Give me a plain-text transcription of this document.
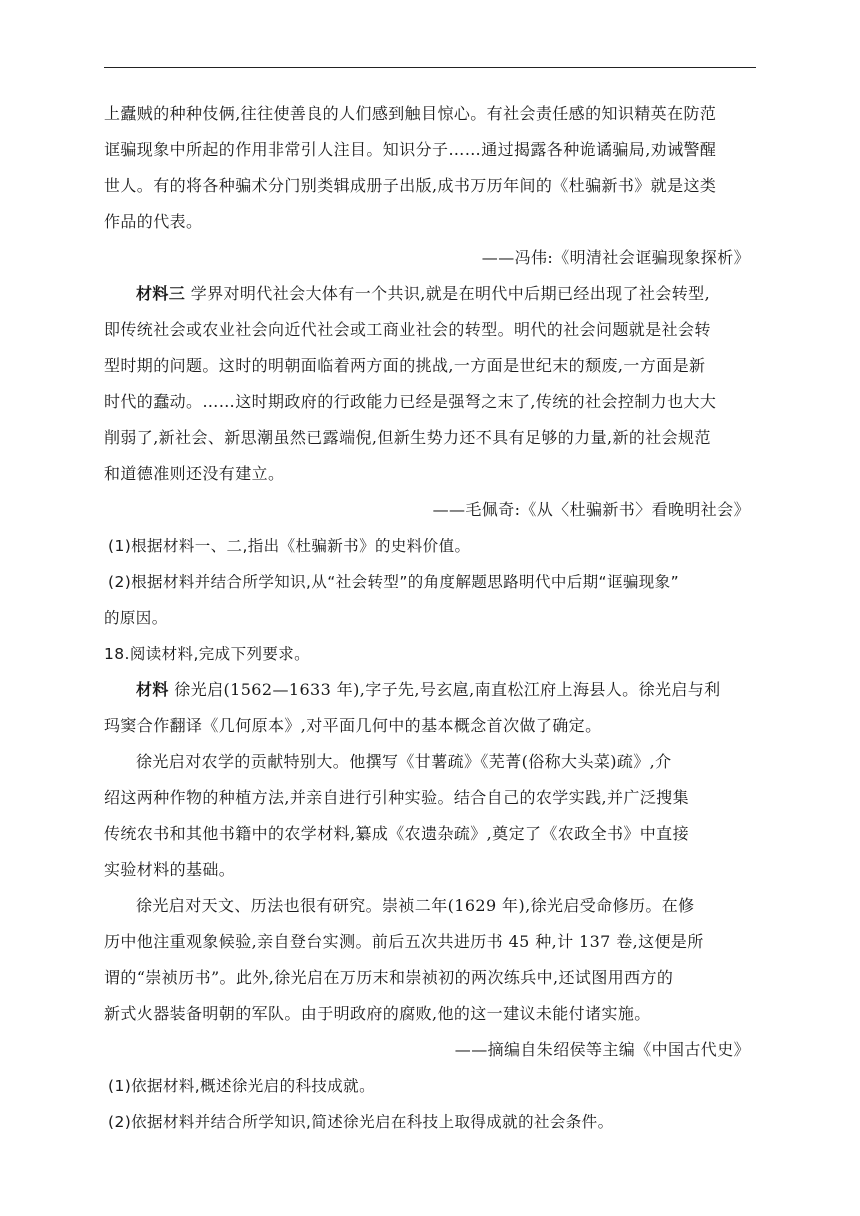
上蠹贼的种种伎俩,往往使善良的人们感到触目惊心。有社会责任感的知识精英在防范
诓骗现象中所起的作用非常引人注目。知识分子……通过揭露各种诡谲骗局,劝诫警醒
世人。有的将各种骗术分门别类辑成册子出版,成书万历年间的《杜骗新书》就是这类
作品的代表。
——冯伟:《明清社会诓骗现象探析》
材料三 学界对明代社会大体有一个共识,就是在明代中后期已经出现了社会转型,
即传统社会或农业社会向近代社会或工商业社会的转型。明代的社会问题就是社会转
型时期的问题。这时的明朝面临着两方面的挑战,一方面是世纪末的颓废,一方面是新
时代的蠢动。……这时期政府的行政能力已经是强弩之末了,传统的社会控制力也大大
削弱了,新社会、新思潮虽然已露端倪,但新生势力还不具有足够的力量,新的社会规范
和道德准则还没有建立。
——毛佩奇:《从〈杜骗新书〉看晚明社会》
(1)根据材料一、二,指出《杜骗新书》的史料价值。
(2)根据材料并结合所学知识,从“社会转型”的角度解题思路明代中后期“诓骗现象”
的原因。
18.阅读材料,完成下列要求。
材料 徐光启(1562—1633 年),字子先,号玄扈,南直松江府上海县人。徐光启与利
玛窦合作翻译《几何原本》,对平面几何中的基本概念首次做了确定。
徐光启对农学的贡献特别大。他撰写《甘薯疏》《芜菁(俗称大头菜)疏》,介
绍这两种作物的种植方法,并亲自进行引种实验。结合自己的农学实践,并广泛搜集
传统农书和其他书籍中的农学材料,纂成《农遗杂疏》,奠定了《农政全书》中直接
实验材料的基础。
徐光启对天文、历法也很有研究。崇祯二年(1629 年),徐光启受命修历。在修
历中他注重观象候验,亲自登台实测。前后五次共进历书 45 种,计 137 卷,这便是所
谓的“崇祯历书”。此外,徐光启在万历末和崇祯初的两次练兵中,还试图用西方的
新式火器装备明朝的军队。由于明政府的腐败,他的这一建议未能付诸实施。
——摘编自朱绍侯等主编《中国古代史》
(1)依据材料,概述徐光启的科技成就。
(2)依据材料并结合所学知识,简述徐光启在科技上取得成就的社会条件。
